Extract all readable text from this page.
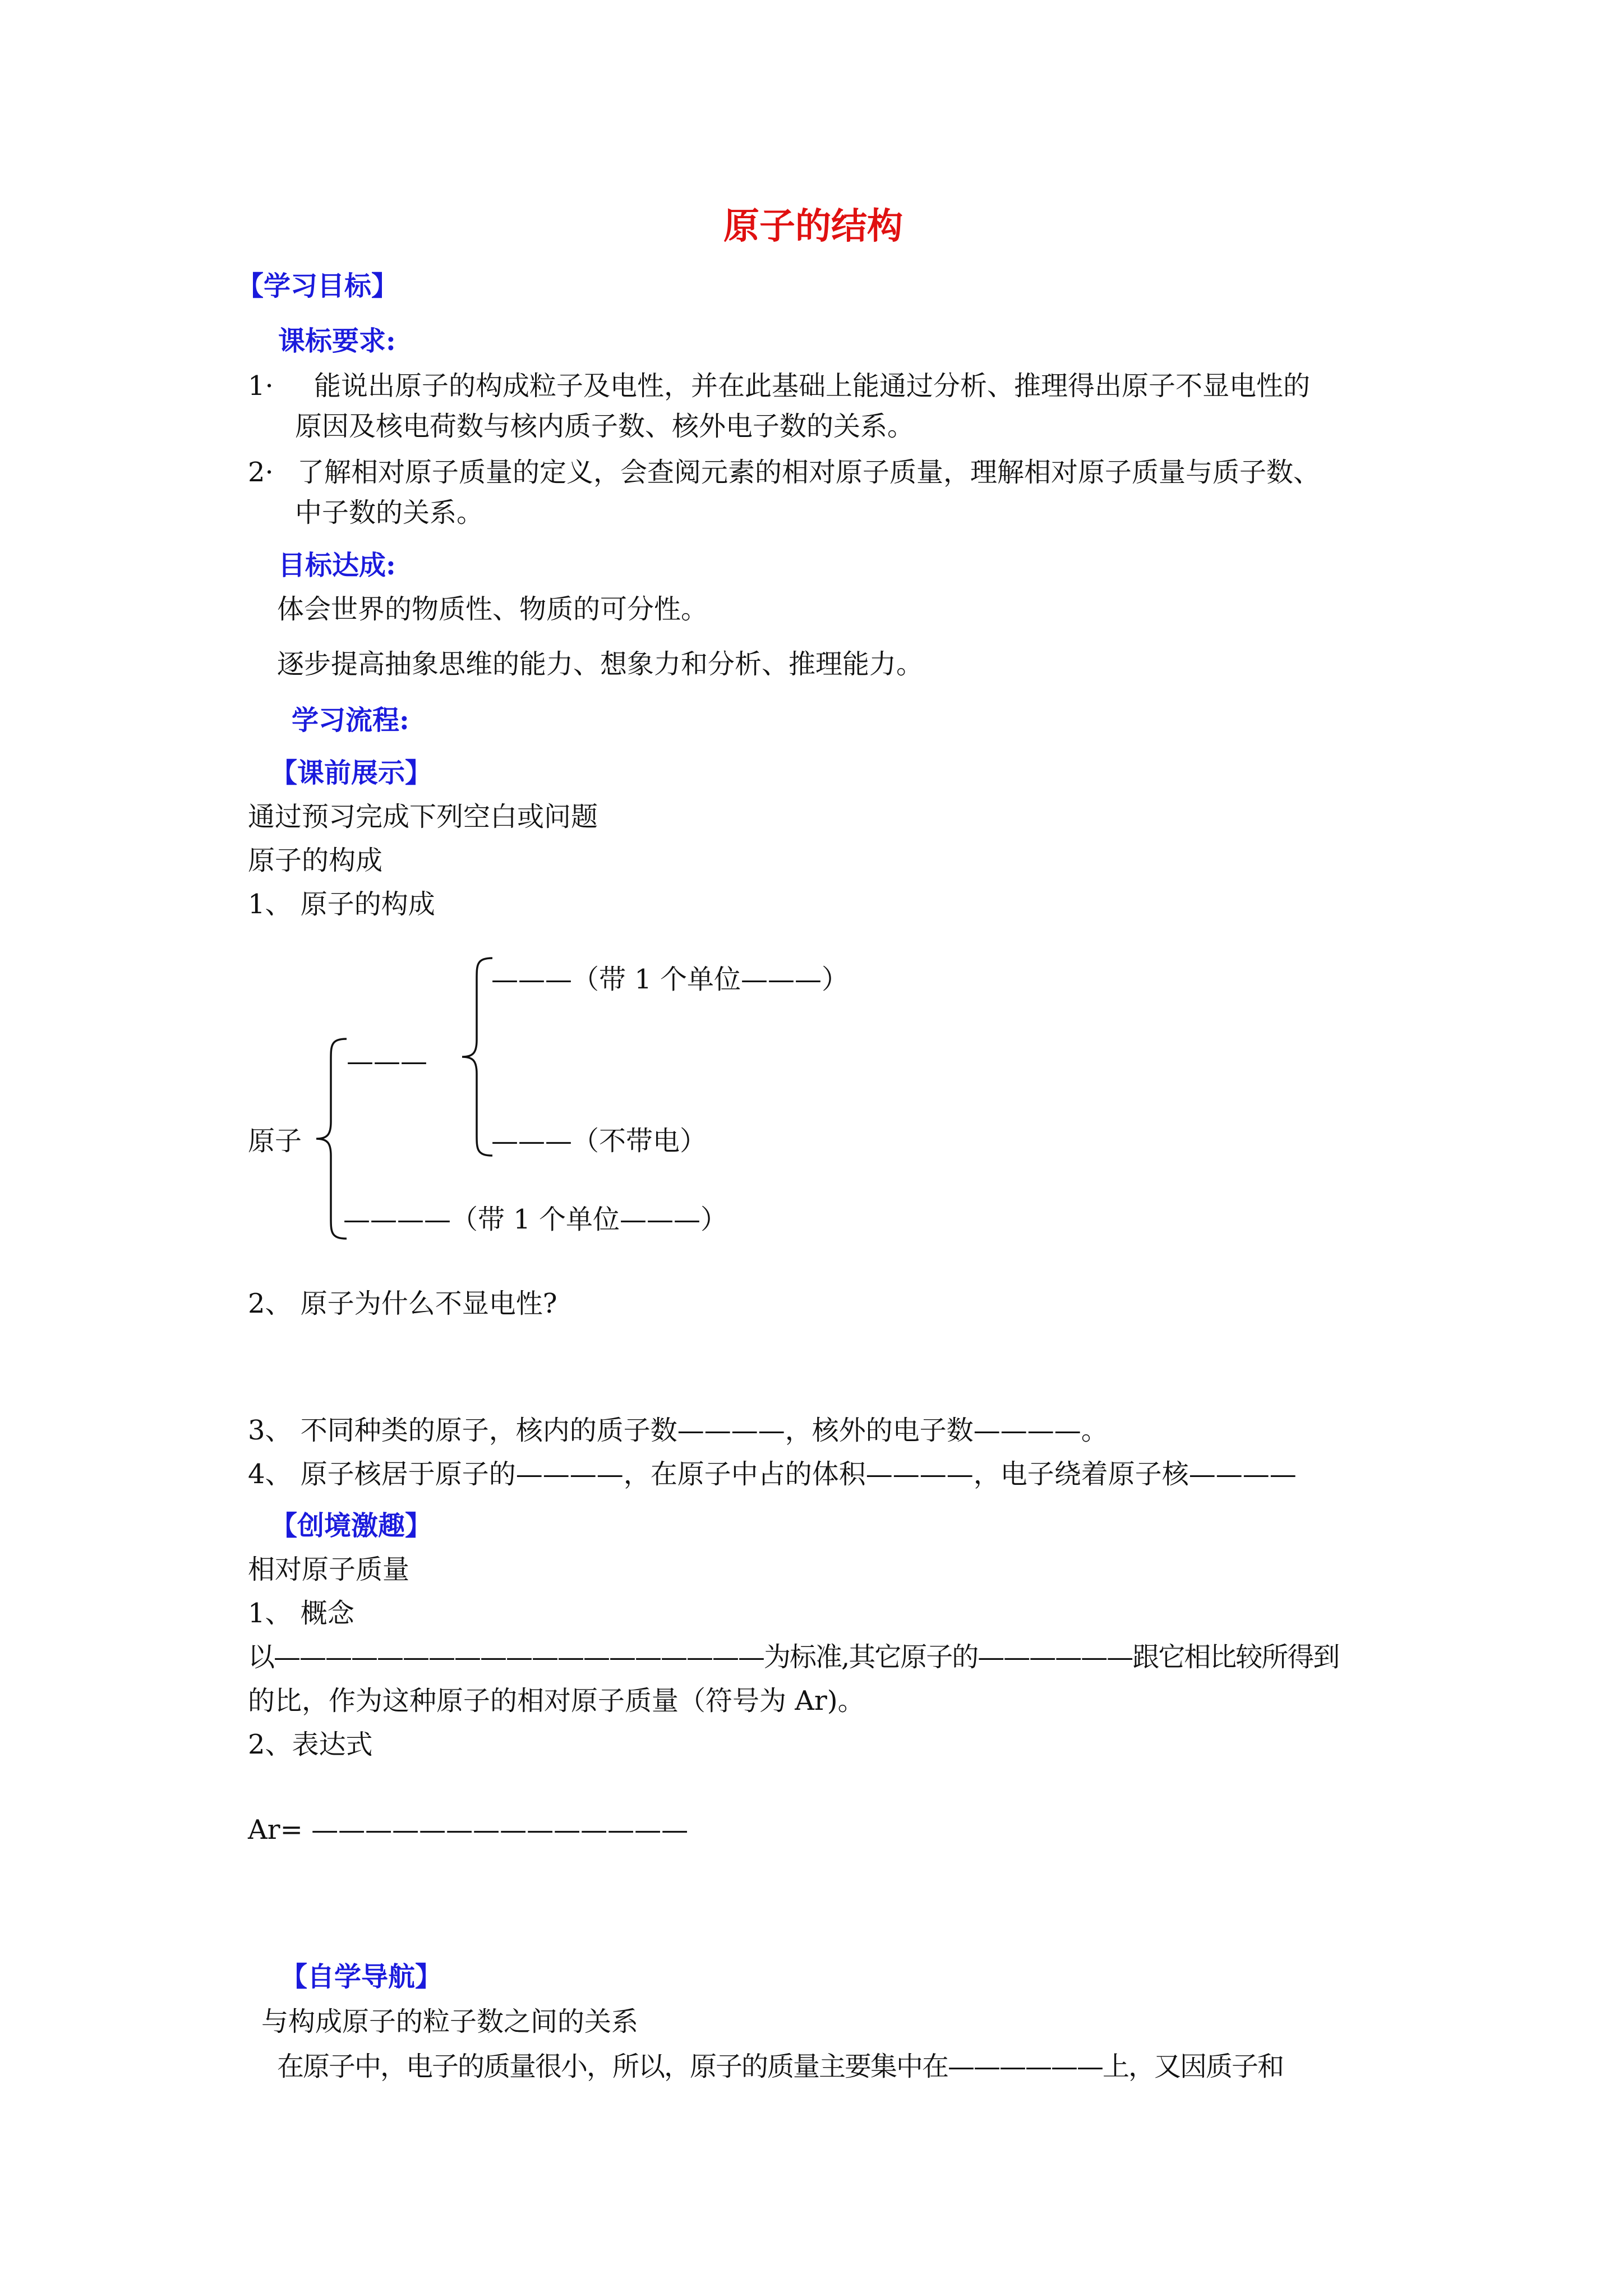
原子的结构
【学习目标】
课标要求:
1· 能说出原子的构成粒子及电性，并在此基础上能通过分析、推理得出原子不显电性的
原因及核电荷数与核内质子数、核外电子数的关系。
2· 了解相对原子质量的定义，会查阅元素的相对原子质量，理解相对原子质量与质子数、
中子数的关系。
目标达成:
体会世界的物质性、物质的可分性。
逐步提高抽象思维的能力、想象力和分析、推理能力。
学习流程:
【课前展示】
通过预习完成下列空白或问题
原子的构成
1、 原子的构成
———（带 1 个单位———）
———
原子	———（不带电）
————（带 1 个单位———）
2、 原子为什么不显电性?
3、 不同种类的原子，核内的质子数————，核外的电子数————。
4、 原子核居于原子的————，在原子中占的体积————，电子绕着原子核————
【创境激趣】
相对原子质量
1、 概念
以———————————————————为标准,其它原子的——————跟它相比较所得到
的比，作为这种原子的相对原子质量（符号为 Ar)。
2、表达式
Ar= ——————————————
【自学导航】
与构成原子的粒子数之间的关系
在原子中，电子的质量很小，所以，原子的质量主要集中在——————上，又因质子和
